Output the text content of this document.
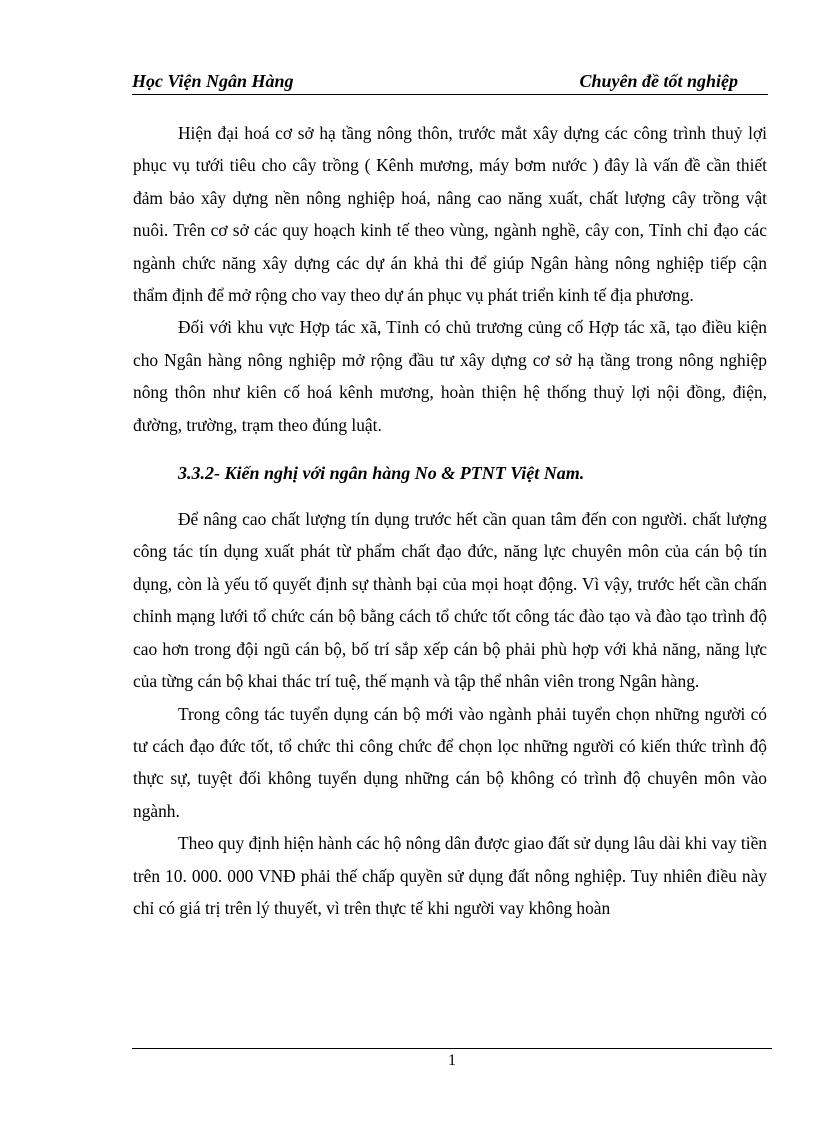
Học Viện Ngân Hàng	Chuyên đề tốt nghiệp

Hiện đại hoá cơ sở hạ tầng nông thôn, trước mắt xây dựng các công trình thuỷ lợi phục vụ tưới tiêu cho cây trồng ( Kênh mương, máy bơm nước ) đây là vấn đề cần thiết đảm bảo xây dựng nền nông nghiệp hoá, nâng cao năng xuất, chất lượng cây trồng vật nuôi. Trên cơ sở các quy hoạch kinh tế theo vùng, ngành nghề, cây con, Tỉnh chỉ đạo các ngành chức năng xây dựng các dự án khả thi để giúp Ngân hàng nông nghiệp tiếp cận thẩm định để mở rộng cho vay theo dự án phục vụ phát triển kinh tế địa phương.

Đối với khu vực Hợp tác xã, Tỉnh có chủ trương củng cố Hợp tác xã, tạo điều kiện cho Ngân hàng nông nghiệp mở rộng đầu tư xây dựng cơ sở hạ tầng trong nông nghiệp nông thôn như kiên cố hoá kênh mương, hoàn thiện hệ thống thuỷ lợi nội đồng, điện, đường, trường, trạm theo đúng luật.

3.3.2- Kiến nghị với ngân hàng No & PTNT Việt Nam.

Để nâng cao chất lượng tín dụng trước hết cần quan tâm đến con người. chất lượng công tác tín dụng xuất phát từ phẩm chất đạo đức, năng lực chuyên môn của cán bộ tín dụng, còn là yếu tố quyết định sự thành bại của mọi hoạt động. Vì vậy, trước hết cần chấn chỉnh mạng lưới tổ chức cán bộ bằng cách tổ chức tốt công tác đào tạo và đào tạo trình độ cao hơn trong đội ngũ cán bộ, bố trí sắp xếp cán bộ phải phù hợp với khả năng, năng lực của từng cán bộ khai thác trí tuệ, thế mạnh và tập thể nhân viên trong Ngân hàng.

Trong công tác tuyển dụng cán bộ mới vào ngành phải tuyển chọn những người có tư cách đạo đức tốt, tổ chức thi công chức để chọn lọc những người có kiến thức trình độ thực sự, tuyệt đối không tuyển dụng những cán bộ không có trình độ chuyên môn vào ngành.

Theo quy định hiện hành các hộ nông dân được giao đất sử dụng lâu dài khi vay tiền trên 10. 000. 000 VNĐ phải thế chấp quyền sử dụng đất nông nghiệp. Tuy nhiên điều này chỉ có giá trị trên lý thuyết, vì trên thực tế khi người vay không hoàn

1
